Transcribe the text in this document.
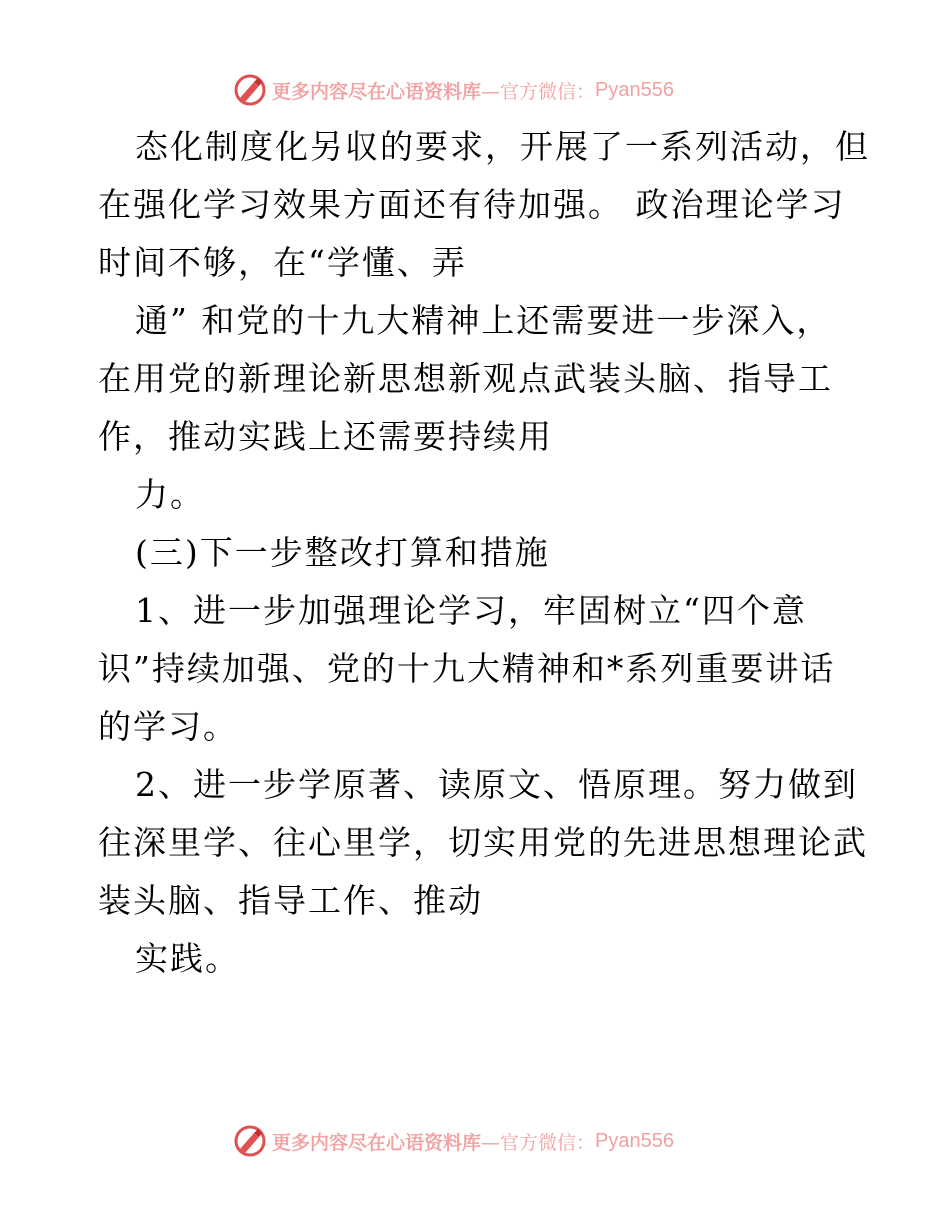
更多内容尽在心语资料库 —官方微信： Pyan556
态化制度化另収的要求，开展了一系列活动，但
在强化学习效果方面还有待加强。 政治理论学习
时间不够，在“学懂、弄
通” 和党的十九大精神上还需要进一步深入，
在用党的新理论新思想新观点武装头脑、指导工
作，推动实践上还需要持续用
力。
(三)下一步整改打算和措施
1、进一步加强理论学习，牢固树立“四个意
识”持续加强、党的十九大精神和*系列重要讲话
的学习。
2、进一步学原著、读原文、悟原理。努力做到
往深里学、往心里学，切实用党的先进思想理论武
装头脑、指导工作、推动
实践。
更多内容尽在心语资料库 —官方微信： Pyan556
